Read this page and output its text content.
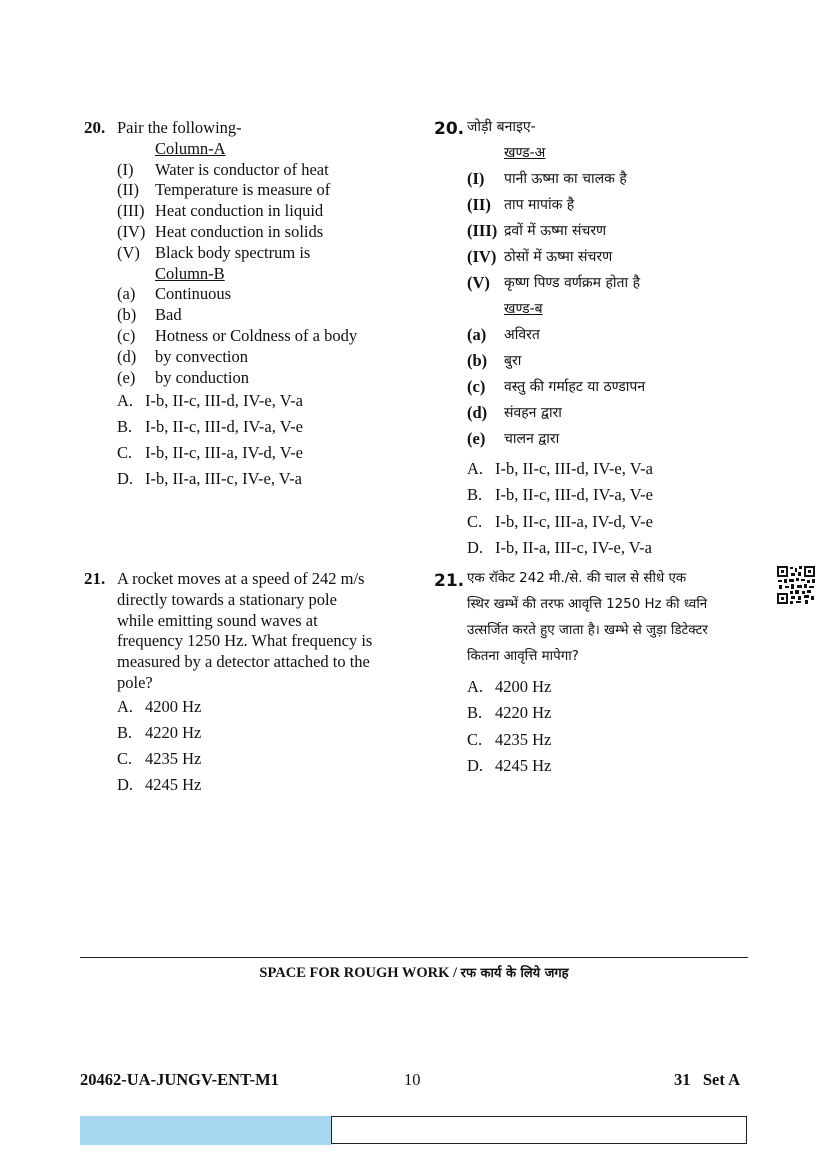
20. Pair the following-
Column-A
(I)	Water is conductor of heat
(II) Temperature is measure of
(III) Heat conduction in liquid
(IV) Heat conduction in solids
(V) Black body spectrum is
Column-B
(a)	Continuous
(b)	Bad
(c)	Hotness or Coldness of a body
(d)	by convection
(e)	by conduction
A. I-b, II-c, III-d, IV-e, V-a
B. I-b, II-c, III-d, IV-a, V-e
C. I-b, II-c, III-a, IV-d, V-e
D. I-b, II-a, III-c, IV-e, V-a
20. जोड़ी बनाइए-
खण्ड-अ
(I)	पानी ऊष्मा का चालक है
(II) ताप मापांक है
(III) द्रवों में ऊष्मा संचरण
(IV) ठोसों में ऊष्मा संचरण
(V)	कृष्ण पिण्ड वर्णक्रम होता है
खण्ड-ब
(a)	अविरत
(b)	बुरा
(c)	वस्तु की गर्माहट या ठण्डापन
(d)	संवहन द्वारा
(e)	चालन द्वारा
A. I-b, II-c, III-d, IV-e, V-a
B. I-b, II-c, III-d, IV-a, V-e
C. I-b, II-c, III-a, IV-d, V-e
D. I-b, II-a, III-c, IV-e, V-a
21. A rocket moves at a speed of 242 m/s
directly towards a stationary pole
while emitting sound waves at
frequency 1250 Hz. What frequency is
measured by a detector attached to the
pole?
A. 4200 Hz
B. 4220 Hz
C. 4235 Hz
D. 4245 Hz
21. एक रॉकेट 242 मी./से. की चाल से सीधे एक
स्थिर खम्भें की तरफ आवृत्ति 1250 Hz की ध्वनि
उत्सर्जित करते हुए जाता है। खम्भे से जुड़ा डिटेक्टर
कितना आवृत्ति मापेगा?
A. 4200 Hz
B. 4220 Hz
C. 4235 Hz
D. 4245 Hz
SPACE FOR ROUGH WORK / रफ कार्य के लिये जगह
20462-UA-JUNGV-ENT-M1	10	31   Set A
